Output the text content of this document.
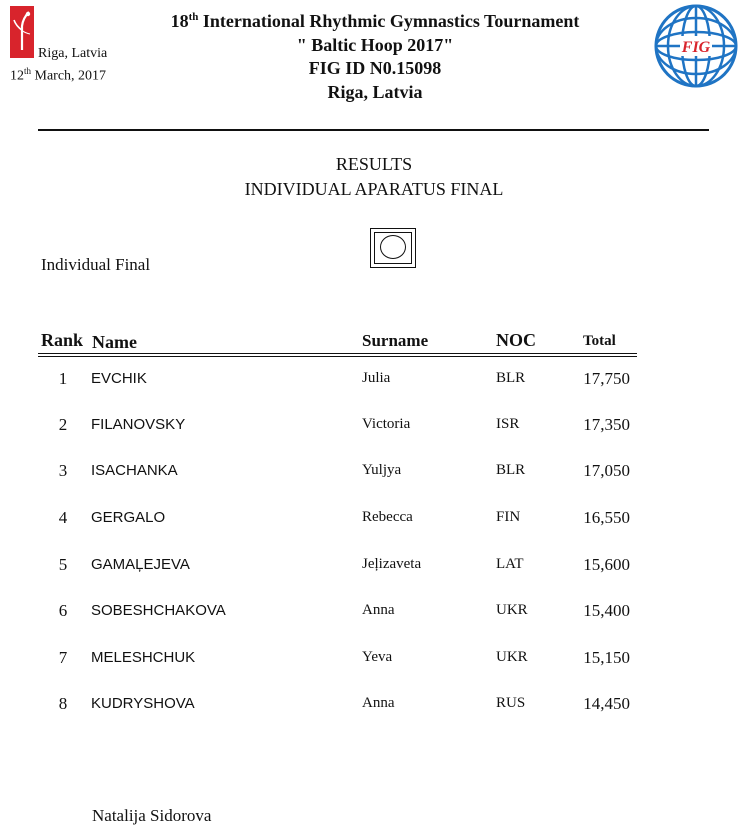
Riga, Latvia
12th March, 2017
18th International Rhythmic Gymnastics Tournament
" Baltic Hoop 2017"
FIG ID N0.15098
Riga, Latvia
FIG
RESULTS
INDIVIDUAL APARATUS FINAL
Individual Final
Rank Name	Surname	NOC	Total
1	EVCHIK	Julia	BLR	17,750
2	FILANOVSKY	Victoria	ISR	17,350
3	ISACHANKA	Yuljya	BLR	17,050
4	GERGALO	Rebecca	FIN	16,550
5	GAMAĻEJEVA	Jeļizaveta	LAT	15,600
6	SOBESHCHAKOVA	Anna	UKR	15,400
7	MELESHCHUK	Yeva	UKR	15,150
8	KUDRYSHOVA	Anna	RUS	14,450
Natalija Sidorova
